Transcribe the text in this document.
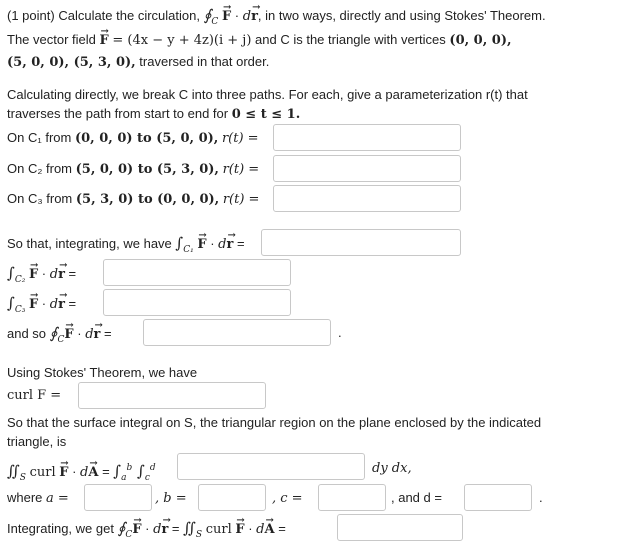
(1 point) Calculate the circulation, $∮_C \to F \cdot d\to r$, in two ways, directly and using Stokes' Theorem.
The vector field → F = (4x − y + 4z)(i + j) and C is the triangle with vertices (0, 0, 0),
(5, 0, 0), (5, 3, 0), traversed in that order.
Calculating directly, we break C into three paths. For each, give a parameterization r(t) that
traverses the path from start to end for 0 ≤ t ≤ 1.
On C₁ from (0, 0, 0) to (5, 0, 0), r(t) =
On C₂ from (5, 0, 0) to (5, 3, 0), r(t) =
On C₃ from (5, 3, 0) to (0, 0, 0), r(t) =
So that, integrating, we have $\int_{C_1} \to F \cdot d\to r$ =
$\int_{C_2} \to F \cdot d\to r$ =
$\int_{C_3} \to F \cdot d\to r$ =
and so $∮_C\to F \cdot d\to r$ =	.
Using Stokes' Theorem, we have
curl F =
So that the surface integral on S, the triangular region on the plane enclosed by the indicated
triangle, is
$∬_S$ curl → $F \cdot d\to A = \int_a^b$ $\int_c^d$	dy dx,
where a =	, b =	, c =	, and d =	.
Integrating, we get $∮_C\to F \cdot d\to r$ = $∬_S$ curl → F · d→ A =
